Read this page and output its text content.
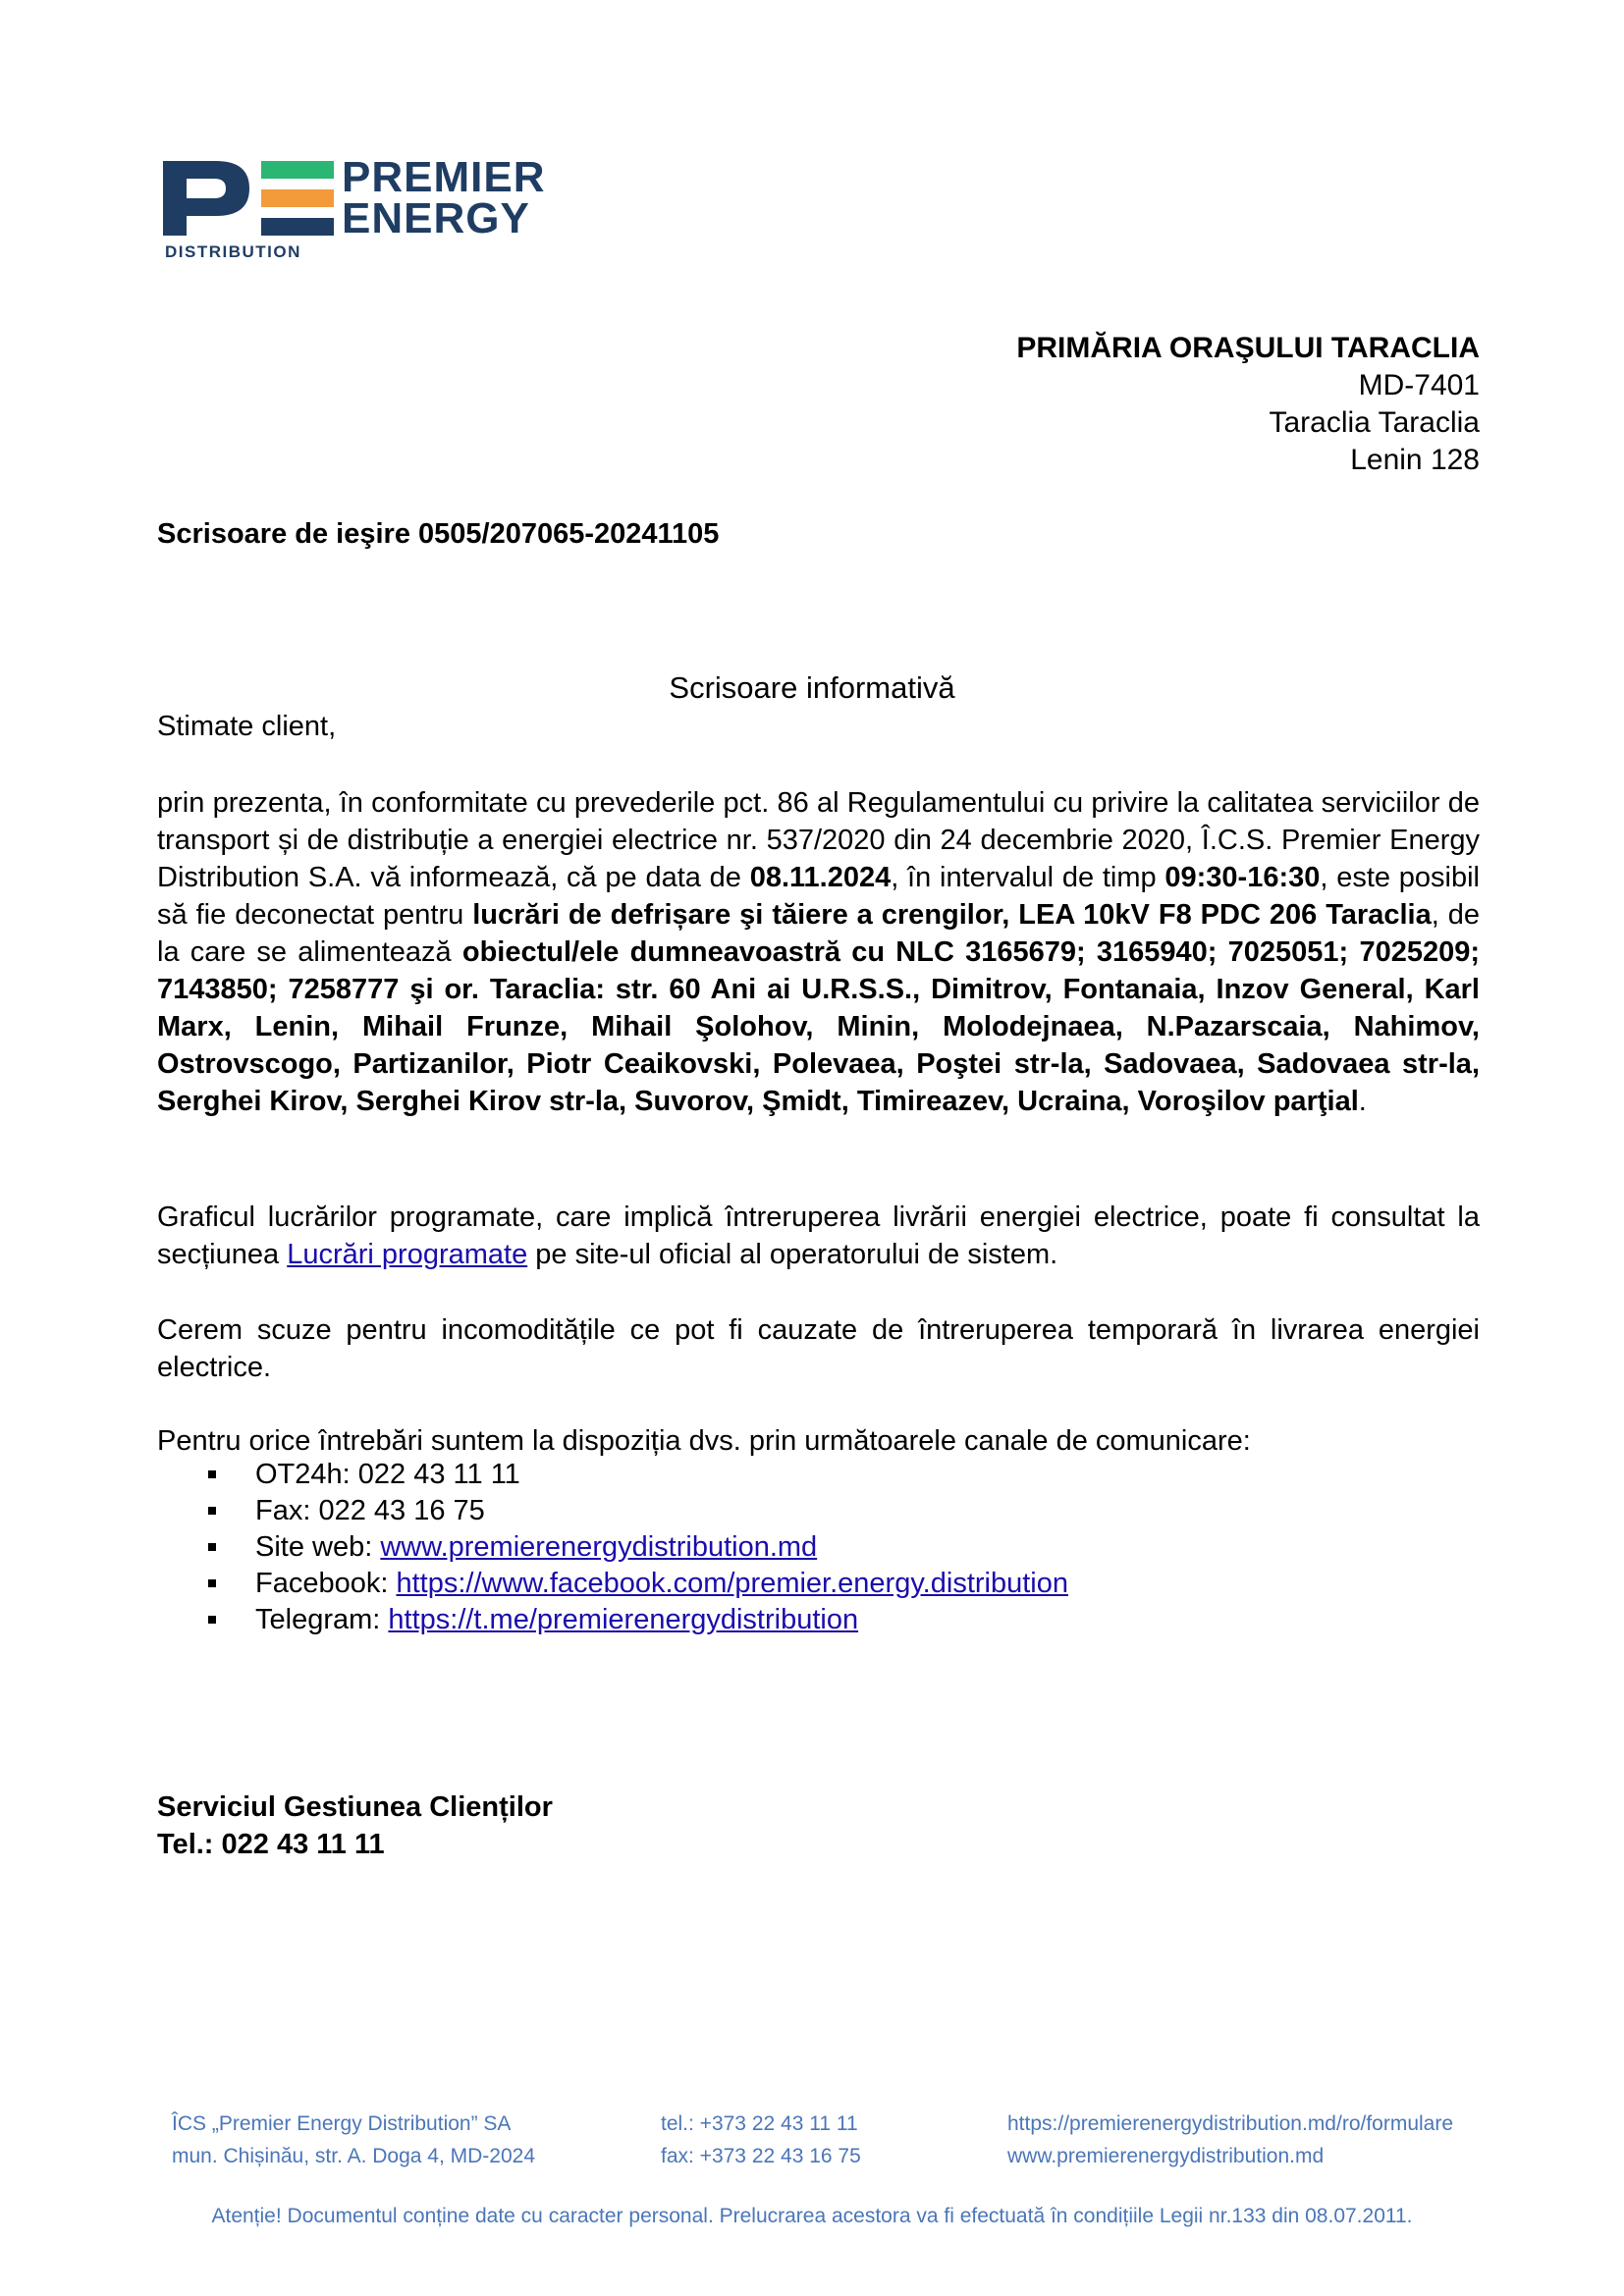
PREMIER
ENERGY
DISTRIBUTION
PRIMĂRIA ORAŞULUI TARACLIA
MD-7401
Taraclia Taraclia
Lenin 128
Scrisoare de ieşire 0505/207065-20241105
Scrisoare informativă
Stimate client,
prin prezenta, în conformitate cu prevederile pct. 86 al Regulamentului cu privire la calitatea serviciilor de transport și de distribuție a energiei electrice nr. 537/2020 din 24 decembrie 2020, Î.C.S. Premier Energy Distribution S.A. vă informează, că pe data de 08.11.2024, în intervalul de timp 09:30-16:30, este posibil să fie deconectat pentru lucrări de defrișare şi tăiere a crengilor, LEA 10kV F8 PDC 206 Taraclia, de la care se alimentează obiectul/ele dumneavoastră cu NLC 3165679; 3165940; 7025051; 7025209; 7143850; 7258777 şi or. Taraclia: str. 60 Ani ai U.R.S.S., Dimitrov, Fontanaia, Inzov General, Karl Marx, Lenin, Mihail Frunze, Mihail Şolohov, Minin, Molodejnaea, N.Pazarscaia, Nahimov, Ostrovscogo, Partizanilor, Piotr Ceaikovski, Polevaea, Poştei str-la, Sadovaea, Sadovaea str-la, Serghei Kirov, Serghei Kirov str-la, Suvorov, Şmidt, Timireazev, Ucraina, Voroşilov parţial.
Graficul lucrărilor programate, care implică întreruperea livrării energiei electrice, poate fi consultat la secțiunea Lucrări programate pe site-ul oficial al operatorului de sistem.
Cerem scuze pentru incomoditățile ce pot fi cauzate de întreruperea temporară în livrarea energiei electrice.
Pentru orice întrebări suntem la dispoziția dvs. prin următoarele canale de comunicare:
OT24h: 022 43 11 11
Fax: 022 43 16 75
Site web: www.premierenergydistribution.md
Facebook: https://www.facebook.com/premier.energy.distribution
Telegram: https://t.me/premierenergydistribution
Serviciul Gestiunea Clienților
Tel.: 022 43 11 11
ÎCS „Premier Energy Distribution” SA
mun. Chișinău, str. A. Doga 4, MD-2024
tel.: +373 22 43 11 11
fax: +373 22 43 16 75
https://premierenergydistribution.md/ro/formulare
www.premierenergydistribution.md
Atenție! Documentul conține date cu caracter personal. Prelucrarea acestora va fi efectuată în condițiile Legii nr.133 din 08.07.2011.
